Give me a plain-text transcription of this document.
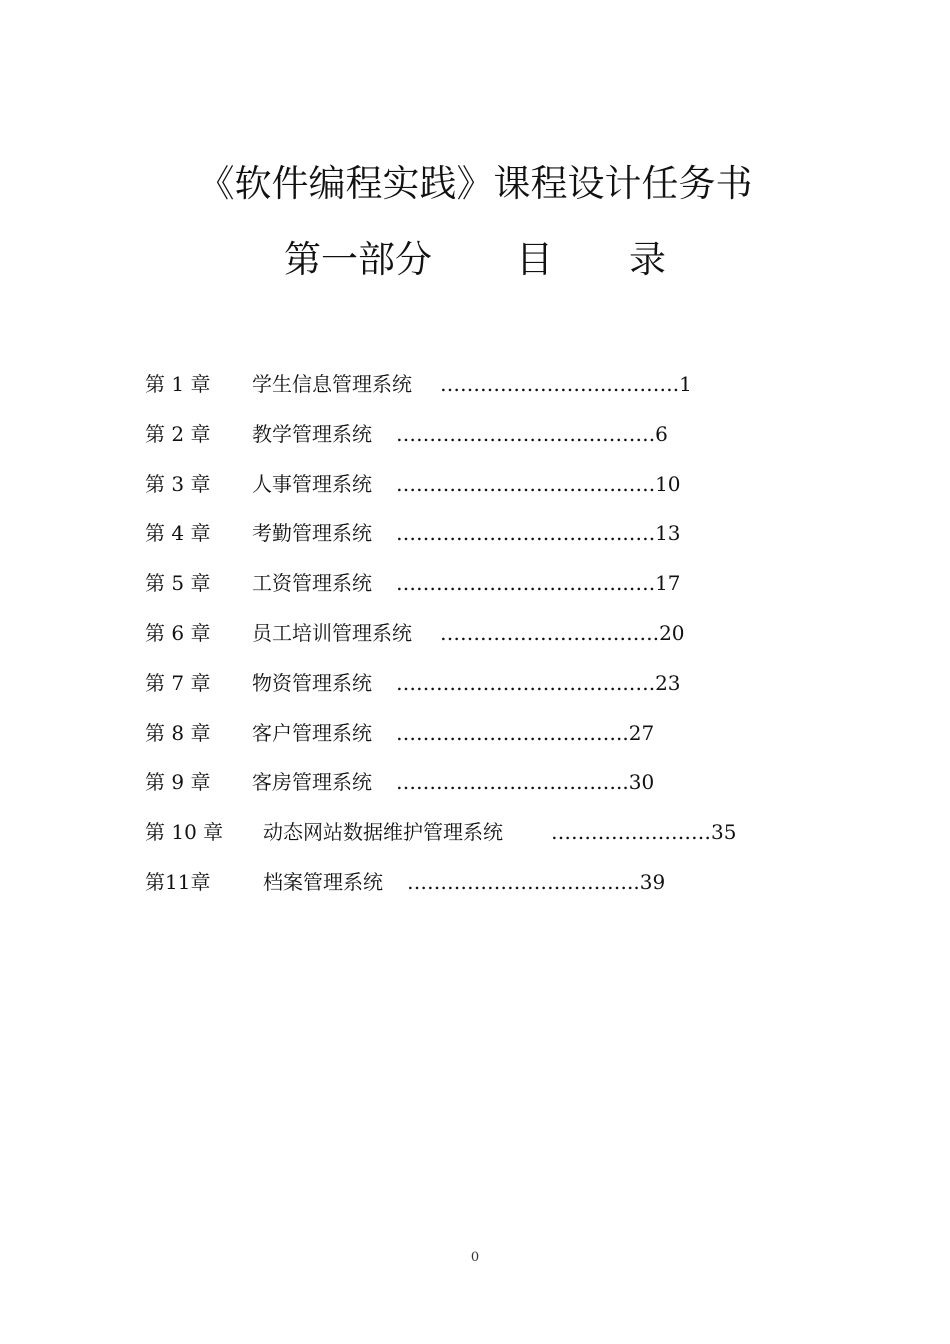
《软件编程实践》课程设计任务书
第一部分 目 录
第 1 章 学生信息管理系统 ……………………..……….1
第 2 章 教学管理系统 ………………………..……….6
第 3 章 人事管理系统 ……………………………..….10
第 4 章 考勤管理系统 ……………………………..….13
第 5 章 工资管理系统 ……………………………..….17
第 6 章 员工培训管理系统 ……………………..…….20
第 7 章 物资管理系统 ……………………………..….23
第 8 章 客户管理系统 ……………………………..27
第 9 章 客房管理系统 ……………………………..30
第 10 章 动态网站数据维护管理系统 ……………………35
第11章	档案管理系统 ……………………………..39
0
